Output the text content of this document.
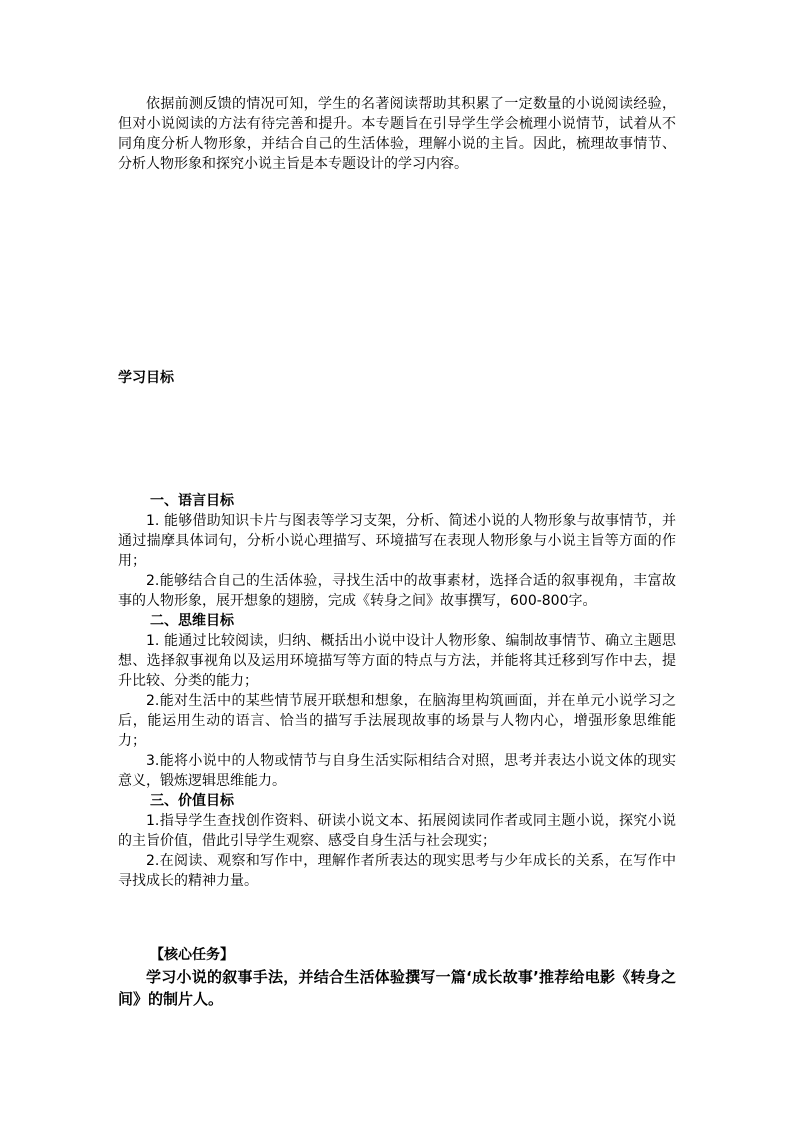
依据前测反馈的情况可知，学生的名著阅读帮助其积累了一定数量的小说阅读经验，但对小说阅读的方法有待完善和提升。本专题旨在引导学生学会梳理小说情节，试着从不同角度分析人物形象，并结合自己的生活体验，理解小说的主旨。因此，梳理故事情节、分析人物形象和探究小说主旨是本专题设计的学习内容。

学习目标

一、语言目标

1. 能够借助知识卡片与图表等学习支架，分析、简述小说的人物形象与故事情节，并通过揣摩具体词句，分析小说心理描写、环境描写在表现人物形象与小说主旨等方面的作用；

2.能够结合自己的生活体验，寻找生活中的故事素材，选择合适的叙事视角，丰富故事的人物形象，展开想象的翅膀，完成《转身之间》故事撰写，600-800字。

二、思维目标

1. 能通过比较阅读，归纳、概括出小说中设计人物形象、编制故事情节、确立主题思想、选择叙事视角以及运用环境描写等方面的特点与方法，并能将其迁移到写作中去，提升比较、分类的能力；

2.能对生活中的某些情节展开联想和想象，在脑海里构筑画面，并在单元小说学习之后，能运用生动的语言、恰当的描写手法展现故事的场景与人物内心，增强形象思维能力；

3.能将小说中的人物或情节与自身生活实际相结合对照，思考并表达小说文体的现实意义，锻炼逻辑思维能力。

三、价值目标

1.指导学生查找创作资料、研读小说文本、拓展阅读同作者或同主题小说，探究小说的主旨价值，借此引导学生观察、感受自身生活与社会现实；

2.在阅读、观察和写作中，理解作者所表达的现实思考与少年成长的关系，在写作中寻找成长的精神力量。

【核心任务】
学习小说的叙事手法，并结合生活体验撰写一篇‘成长故事’推荐给电影《转身之间》的制片人。
